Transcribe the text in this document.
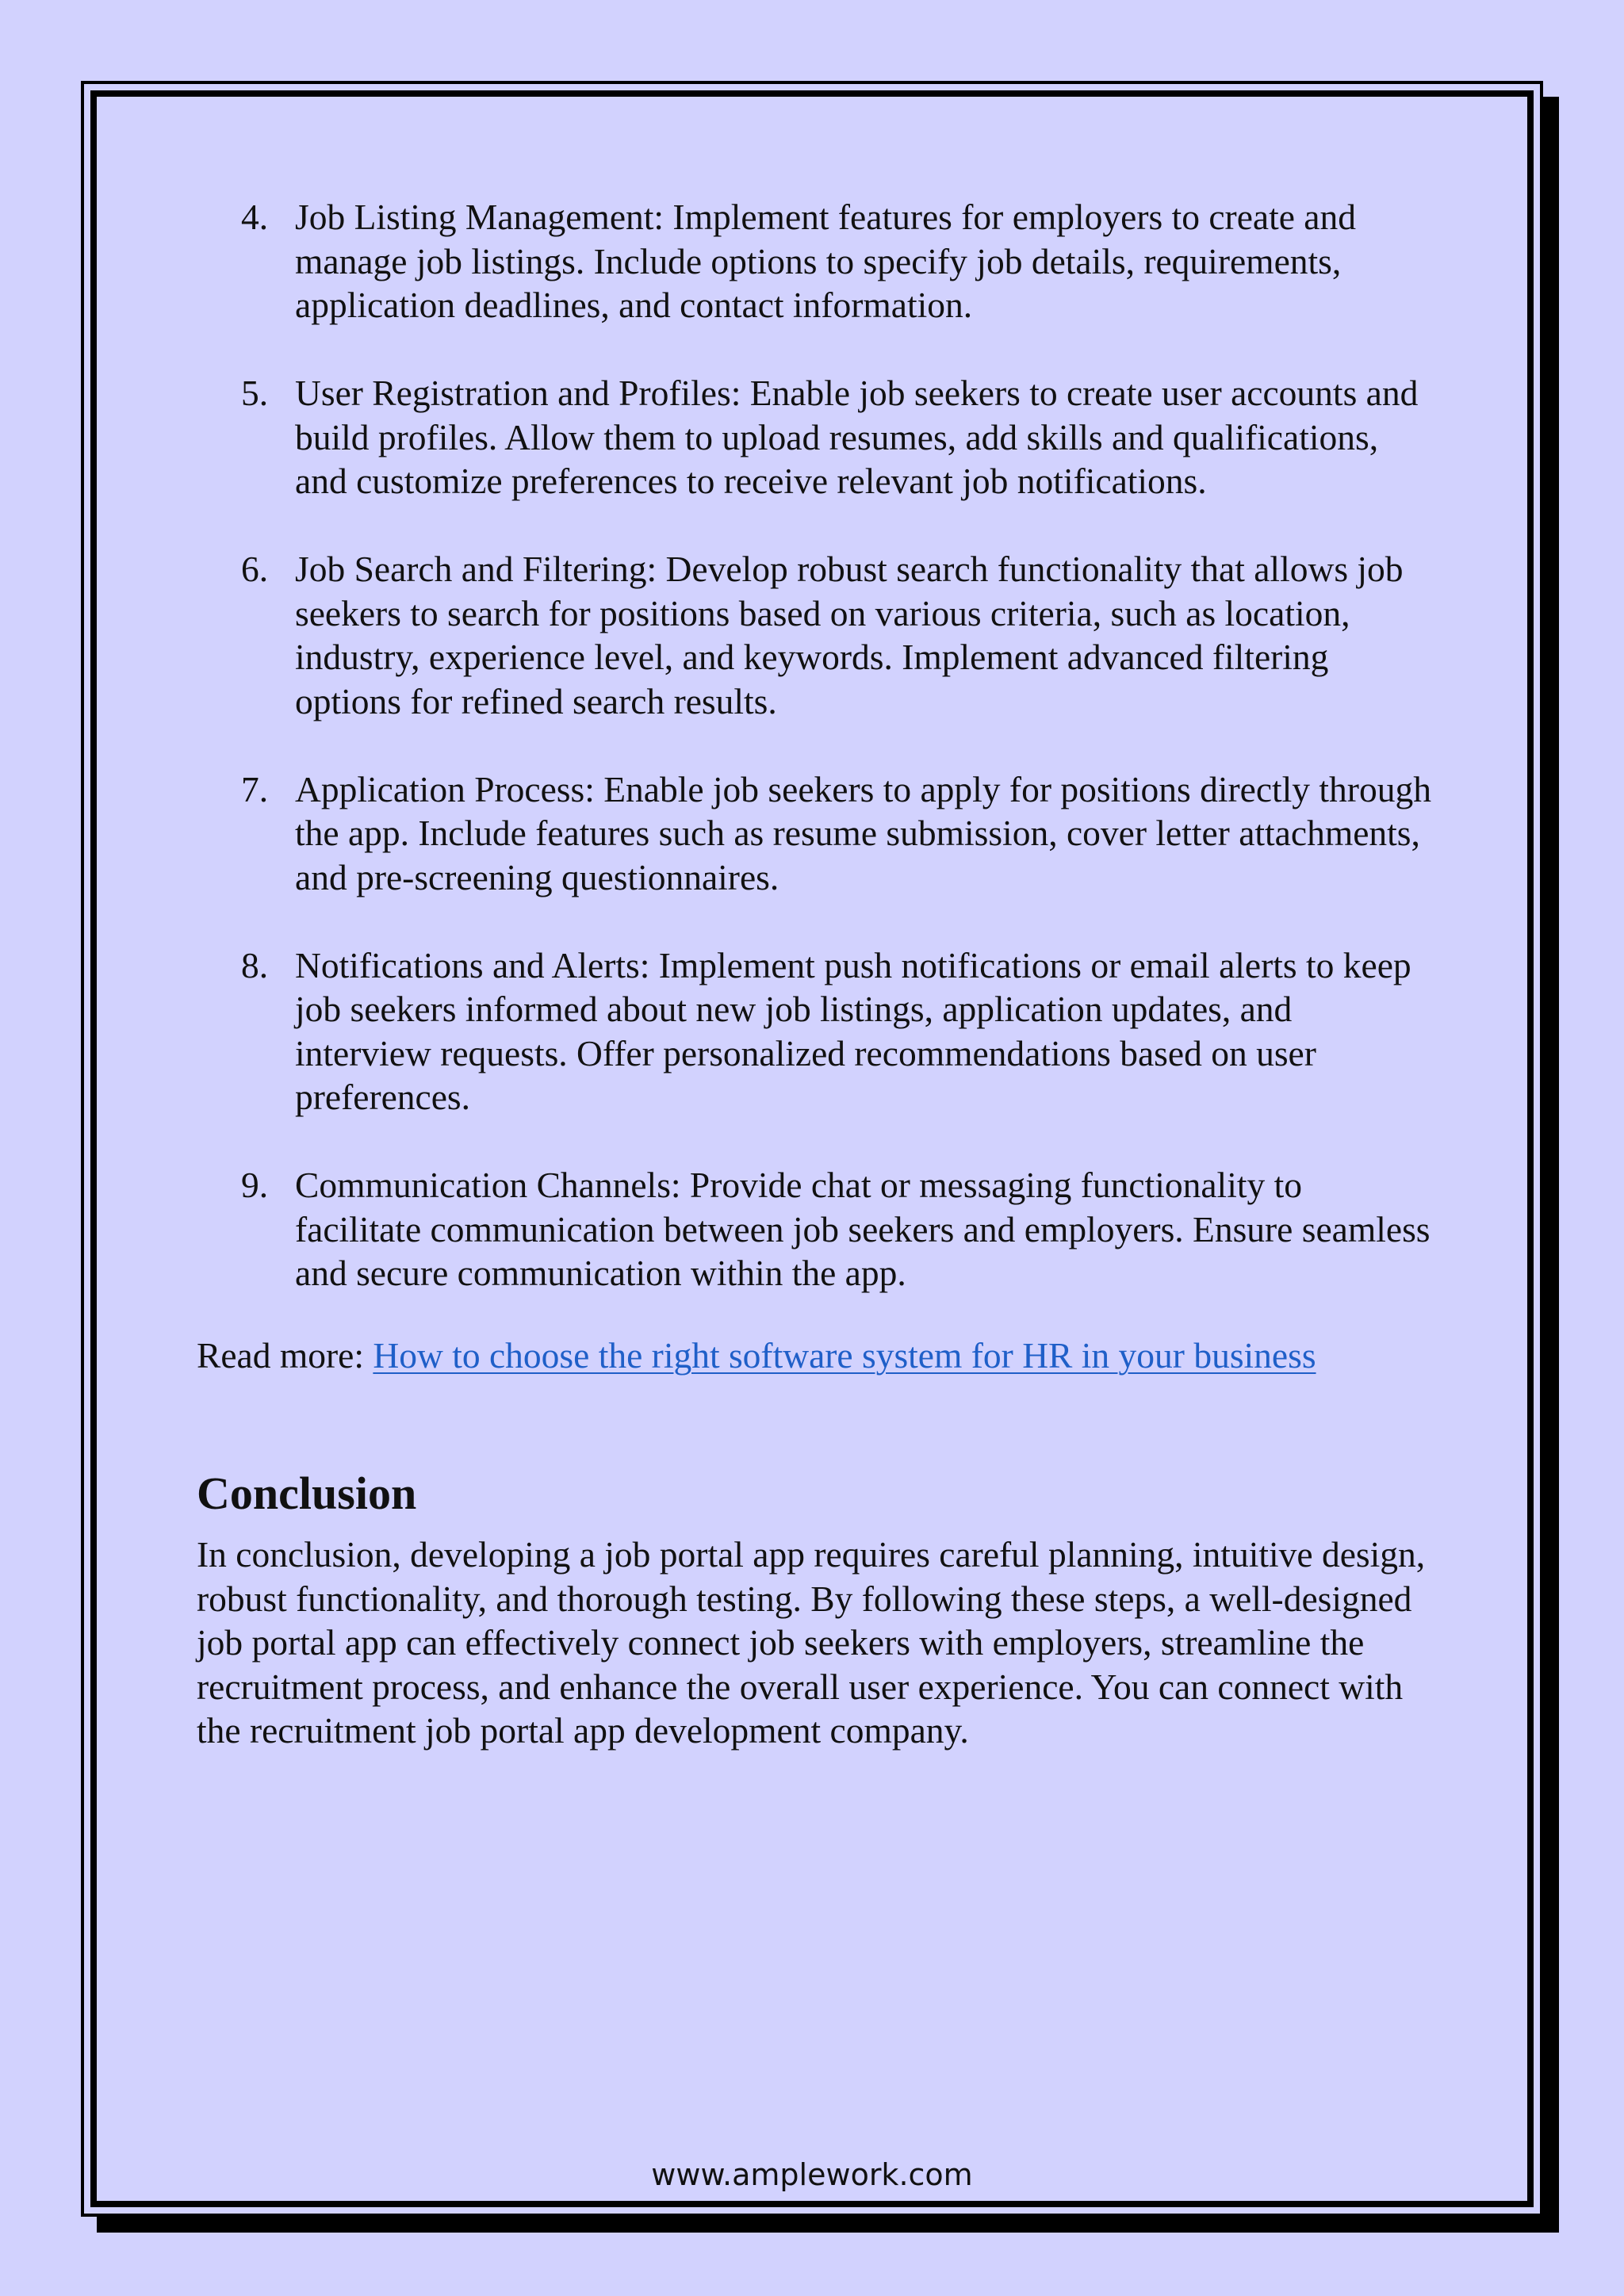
4. Job Listing Management: Implement features for employers to create and manage job listings. Include options to specify job details, requirements, application deadlines, and contact information.
5. User Registration and Profiles: Enable job seekers to create user accounts and build profiles. Allow them to upload resumes, add skills and qualifications, and customize preferences to receive relevant job notifications.
6. Job Search and Filtering: Develop robust search functionality that allows job seekers to search for positions based on various criteria, such as location, industry, experience level, and keywords. Implement advanced filtering options for refined search results.
7. Application Process: Enable job seekers to apply for positions directly through the app. Include features such as resume submission, cover letter attachments, and pre-screening questionnaires.
8. Notifications and Alerts: Implement push notifications or email alerts to keep job seekers informed about new job listings, application updates, and interview requests. Offer personalized recommendations based on user preferences.
9. Communication Channels: Provide chat or messaging functionality to facilitate communication between job seekers and employers. Ensure seamless and secure communication within the app.

Read more: How to choose the right software system for HR in your business

Conclusion

In conclusion, developing a job portal app requires careful planning, intuitive design, robust functionality, and thorough testing. By following these steps, a well-designed job portal app can effectively connect job seekers with employers, streamline the recruitment process, and enhance the overall user experience. You can connect with the recruitment job portal app development company.

www.amplework.com
